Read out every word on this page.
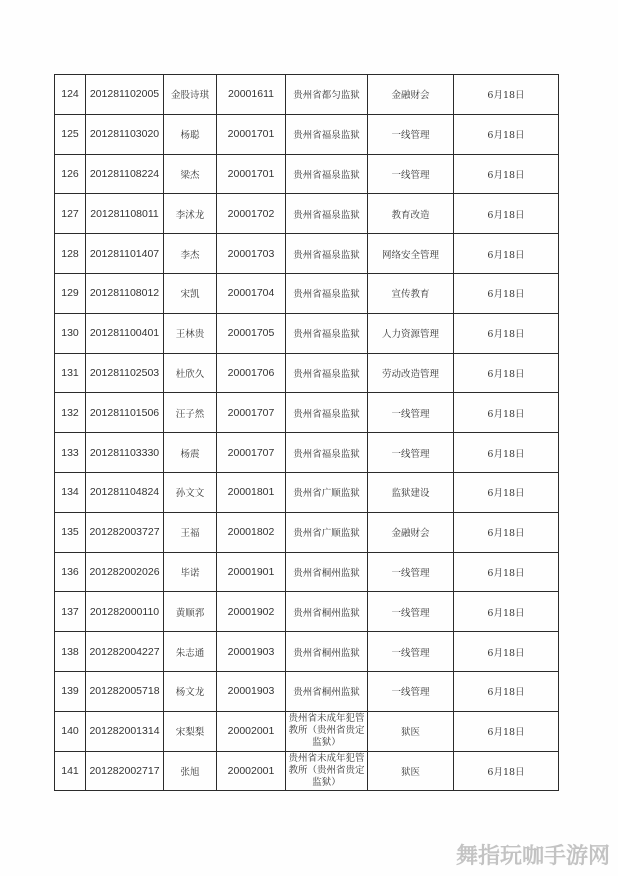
124	201281102005	金股诗琪	20001611	贵州省都匀监狱	金融财会	6月18日
125	201281103020	杨聪	20001701	贵州省福泉监狱	一线管理	6月18日
126	201281108224	梁杰	20001701	贵州省福泉监狱	一线管理	6月18日
127	201281108011	李沭龙	20001702	贵州省福泉监狱	教育改造	6月18日
128	201281101407	李杰	20001703	贵州省福泉监狱	网络安全管理	6月18日
129	201281108012	宋凯	20001704	贵州省福泉监狱	宣传教育	6月18日
130	201281100401	王林贵	20001705	贵州省福泉监狱	人力资源管理	6月18日
131	201281102503	杜欣久	20001706	贵州省福泉监狱	劳动改造管理	6月18日
132	201281101506	汪子然	20001707	贵州省福泉监狱	一线管理	6月18日
133	201281103330	杨震	20001707	贵州省福泉监狱	一线管理	6月18日
134	201281104824	孙文文	20001801	贵州省广顺监狱	监狱建设	6月18日
135	201282003727	王福	20001802	贵州省广顺监狱	金融财会	6月18日
136	201282002026	毕诺	20001901	贵州省桐州监狱	一线管理	6月18日
137	201282000110	黄顺郛	20001902	贵州省桐州监狱	一线管理	6月18日
138	201282004227	朱志通	20001903	贵州省桐州监狱	一线管理	6月18日
139	201282005718	杨文龙	20001903	贵州省桐州监狱	一线管理	6月18日
140	201282001314	宋梨梨	20002001	贵州省未成年犯管教所（贵州省贵定监狱）	狱医	6月18日
141	201282002717	张旭	20002001	贵州省未成年犯管教所（贵州省贵定监狱）	狱医	6月18日
舞指玩咖手游网
